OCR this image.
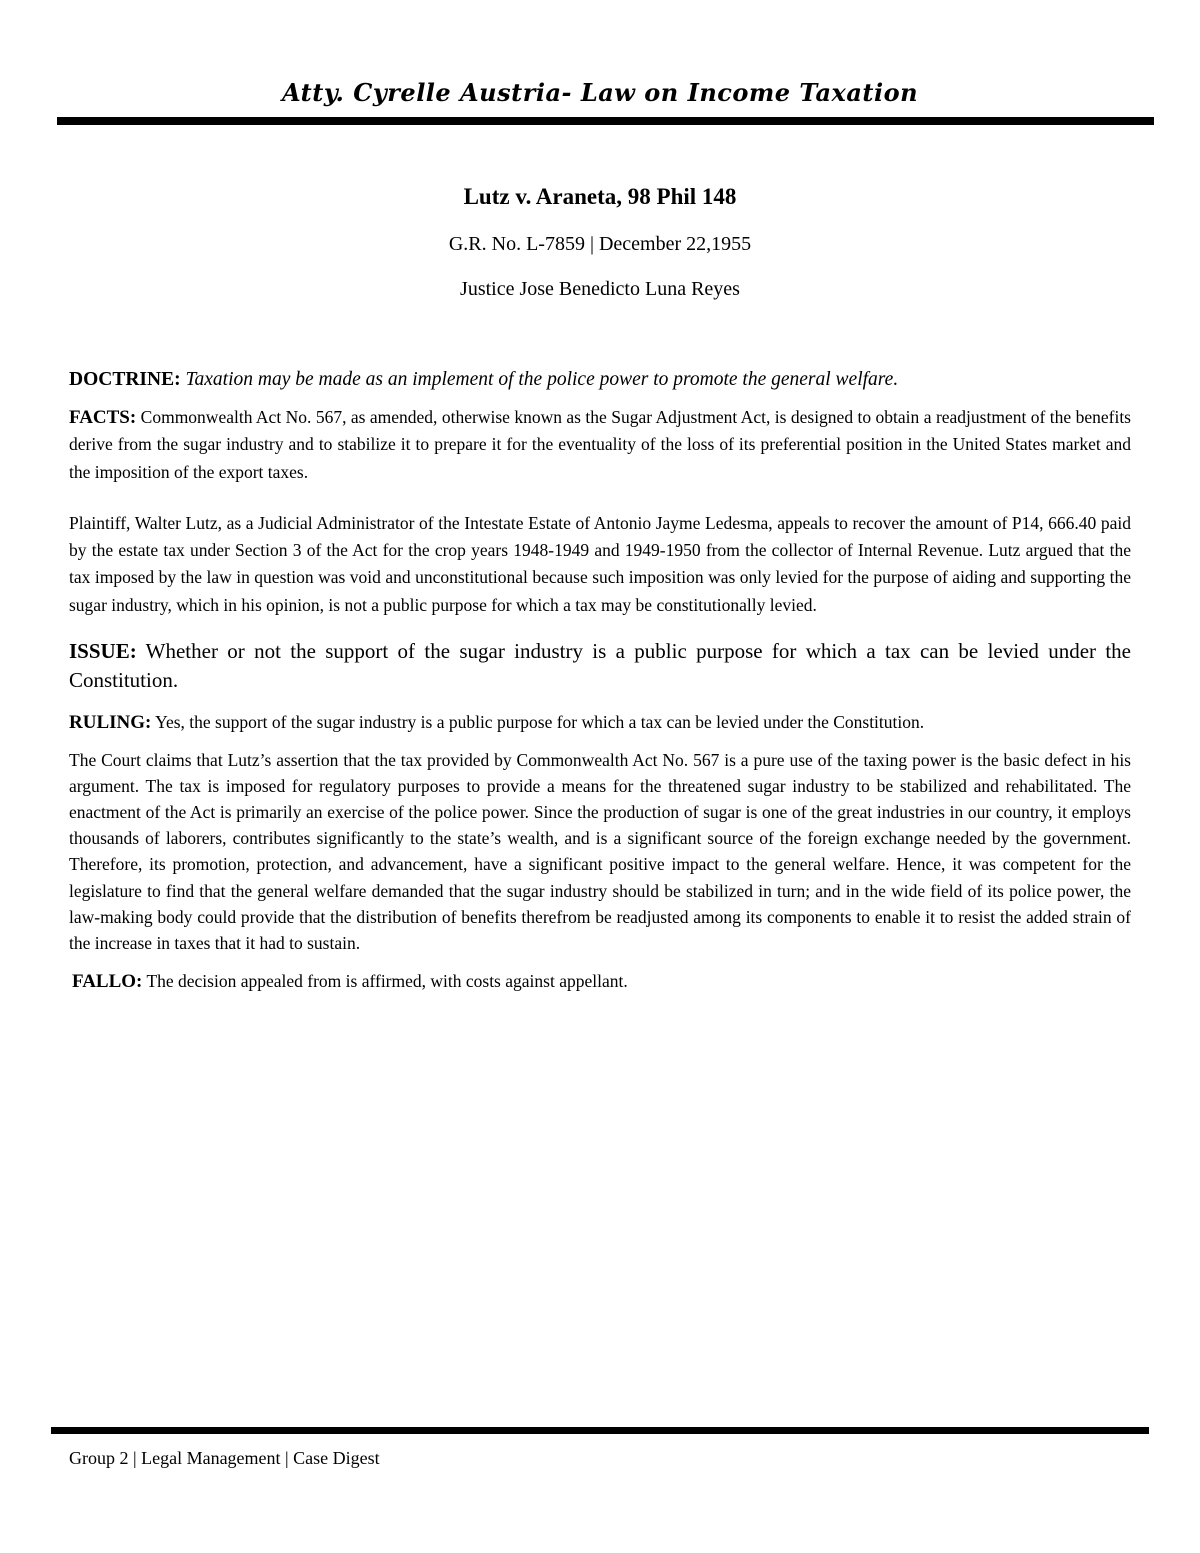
Atty. Cyrelle Austria- Law on Income Taxation

Lutz v. Araneta, 98 Phil 148

G.R. No. L-7859 | December 22,1955

Justice Jose Benedicto Luna Reyes

DOCTRINE: Taxation may be made as an implement of the police power to promote the general welfare.

FACTS: Commonwealth Act No. 567, as amended, otherwise known as the Sugar Adjustment Act, is designed to obtain a readjustment of the benefits derive from the sugar industry and to stabilize it to prepare it for the eventuality of the loss of its preferential position in the United States market and the imposition of the export taxes.

Plaintiff, Walter Lutz, as a Judicial Administrator of the Intestate Estate of Antonio Jayme Ledesma, appeals to recover the amount of P14, 666.40 paid by the estate tax under Section 3 of the Act for the crop years 1948-1949 and 1949-1950 from the collector of Internal Revenue. Lutz argued that the tax imposed by the law in question was void and unconstitutional because such imposition was only levied for the purpose of aiding and supporting the sugar industry, which in his opinion, is not a public purpose for which a tax may be constitutionally levied.

ISSUE: Whether or not the support of the sugar industry is a public purpose for which a tax can be levied under the Constitution.

RULING: Yes, the support of the sugar industry is a public purpose for which a tax can be levied under the Constitution.

The Court claims that Lutz’s assertion that the tax provided by Commonwealth Act No. 567 is a pure use of the taxing power is the basic defect in his argument. The tax is imposed for regulatory purposes to provide a means for the threatened sugar industry to be stabilized and rehabilitated. The enactment of the Act is primarily an exercise of the police power. Since the production of sugar is one of the great industries in our country, it employs thousands of laborers, contributes significantly to the state’s wealth, and is a significant source of the foreign exchange needed by the government. Therefore, its promotion, protection, and advancement, have a significant positive impact to the general welfare. Hence, it was competent for the legislature to find that the general welfare demanded that the sugar industry should be stabilized in turn; and in the wide field of its police power, the law-making body could provide that the distribution of benefits therefrom be readjusted among its components to enable it to resist the added strain of the increase in taxes that it had to sustain.

FALLO: The decision appealed from is affirmed, with costs against appellant.

Group 2 | Legal Management | Case Digest
